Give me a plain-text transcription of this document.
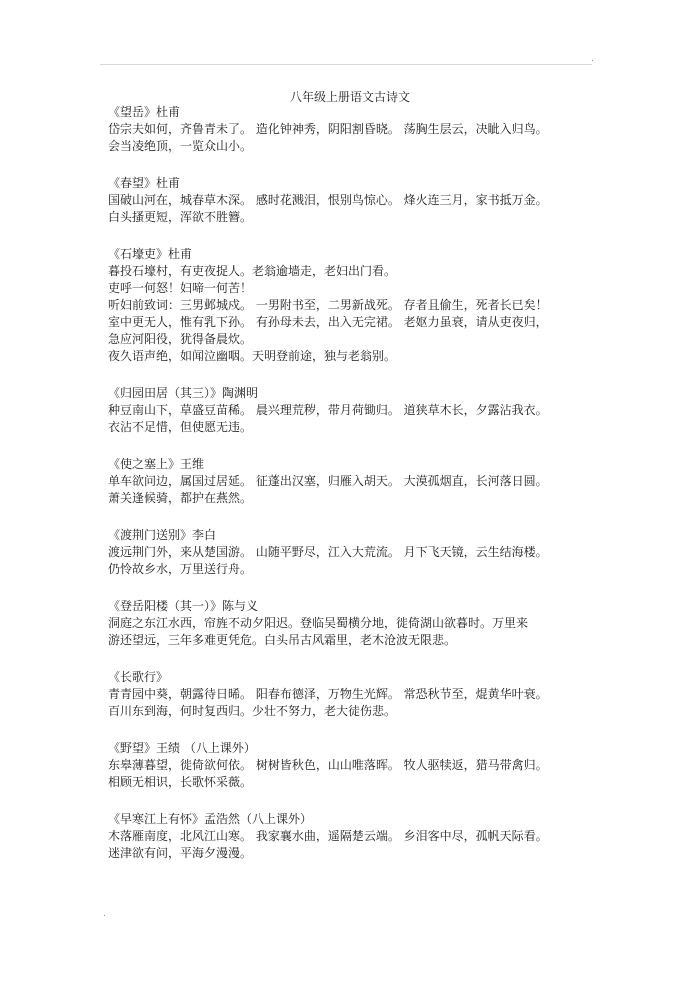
.
八年级上册语文古诗文
《望岳》杜甫
岱宗夫如何，齐鲁青未了。 造化钟神秀，阴阳割昏晓。 荡胸生层云，决眦入归鸟。
会当凌绝顶，一览众山小。
《春望》杜甫
国破山河在，城春草木深。 感时花溅泪，恨别鸟惊心。 烽火连三月，家书抵万金。
白头搔更短，浑欲不胜簪。
《石壕吏》杜甫
暮投石壕村，有吏夜捉人。老翁逾墙走，老妇出门看。
吏呼一何怒！妇啼一何苦！
听妇前致词：三男邺城戍。 一男附书至，二男新战死。 存者且偷生，死者长已矣！
室中更无人，惟有乳下孙。 有孙母未去，出入无完裙。 老妪力虽衰，请从吏夜归，
急应河阳役，犹得备晨炊。
夜久语声绝，如闻泣幽咽。天明登前途，独与老翁别。
《归园田居（其三）》陶渊明
种豆南山下，草盛豆苗稀。 晨兴理荒秽，带月荷锄归。 道狭草木长，夕露沾我衣。
衣沾不足惜，但使愿无违。
《使之塞上》王维
单车欲问边，属国过居延。 征蓬出汉塞，归雁入胡天。 大漠孤烟直，长河落日圆。
萧关逢候骑，都护在燕然。
《渡荆门送别》李白
渡远荆门外，来从楚国游。 山随平野尽，江入大荒流。 月下飞天镜，云生结海楼。
仍怜故乡水，万里送行舟。
《登岳阳楼（其一）》陈与义
洞庭之东江水西，帘旌不动夕阳迟。登临吴蜀横分地，徙倚湖山欲暮时。万里来
游还望远，三年多难更凭危。白头吊古风霜里，老木沧波无限悲。
《长歌行》
青青园中葵，朝露待日晞。 阳春布德泽，万物生光辉。 常恐秋节至，焜黄华叶衰。
百川东到海，何时复西归。少壮不努力，老大徒伤悲。
《野望》王绩 （八上课外）
东皋薄暮望，徙倚欲何依。 树树皆秋色，山山唯落晖。 牧人驱犊返，猎马带禽归。
相顾无相识，长歌怀采薇。
《早寒江上有怀》孟浩然（八上课外）
木落雁南度，北风江山寒。 我家襄水曲，遥隔楚云端。 乡泪客中尽，孤帆天际看。
迷津欲有问，平海夕漫漫。
.
